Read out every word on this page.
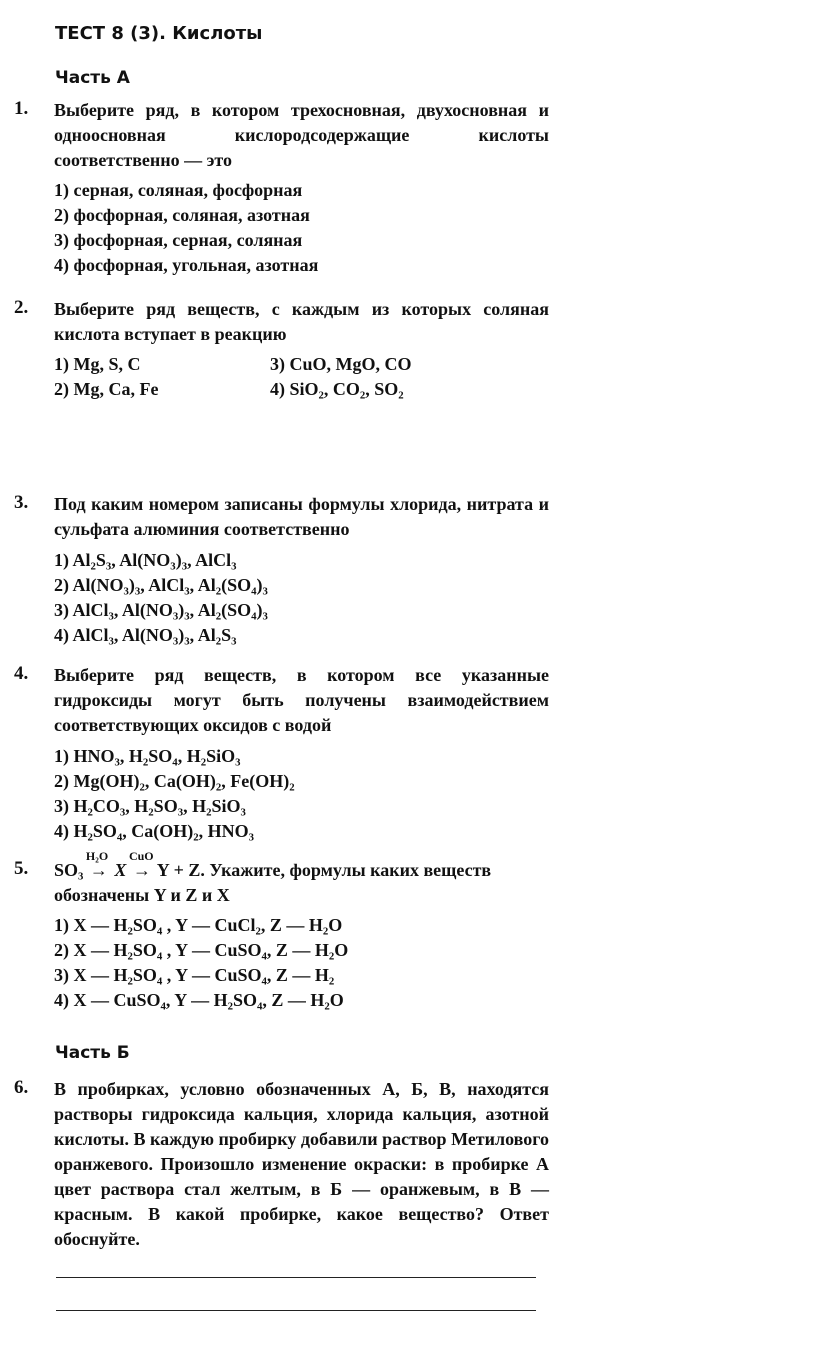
ТЕСТ 8 (3). Кислоты
Часть А
1. Выберите ряд, в котором трехосновная, двухосновная и одноосновная кислородсодержащие кислоты соответственно — это
1) серная, соляная, фосфорная
2) фосфорная, соляная, азотная
3) фосфорная, серная, соляная
4) фосфорная, угольная, азотная
2. Выберите ряд веществ, с каждым из которых соляная кислота вступает в реакцию
1) Mg, S, C	3) CuO, MgO, CO
2) Mg, Ca, Fe	4) SiO₂, CO₂, SO₂
3. Под каким номером записаны формулы хлорида, нитрата и сульфата алюминия соответственно
1) Al₂S₃, Al(NO₃)₃, AlCl₃
2) Al(NO₃)₃, AlCl₃, Al₂(SO₄)₃
3) AlCl₃, Al(NO₃)₃, Al₂(SO₄)₃
4) AlCl₃, Al(NO₃)₃, Al₂S₃
4. Выберите ряд веществ, в котором все указанные гидроксиды могут быть получены взаимодействием соответствующих оксидов с водой
1) HNO₃, H₂SO₄, H₂SiO₃
2) Mg(OH)₂, Ca(OH)₂, Fe(OH)₂
3) H₂CO₃, H₂SO₃, H₂SiO₃
4) H₂SO₄, Ca(OH)₂, HNO₃
5. SO₃ →
H₂O
X →
CuO
Y + Z. Укажите, формулы каких веществ
обозначены Y и Z и X
1) X — H₂SO₄ , Y — CuCl₂, Z — H₂O
2) X — H₂SO₄ , Y — CuSO₄, Z — H₂O
3) X — H₂SO₄ , Y — CuSO₄, Z — H₂
4) X — CuSO₄, Y — H₂SO₄, Z — H₂O
Часть Б
6. В пробирках, условно обозначенных А, Б, В, находятся растворы гидроксида кальция, хлорида кальция, азотной кислоты. В каждую пробирку добавили раствор Метилового оранжевого. Произошло изменение окраски: в пробирке А цвет раствора стал желтым, в Б — оранжевым, в В — красным. В какой пробирке, какое вещество? Ответ обоснуйте.
